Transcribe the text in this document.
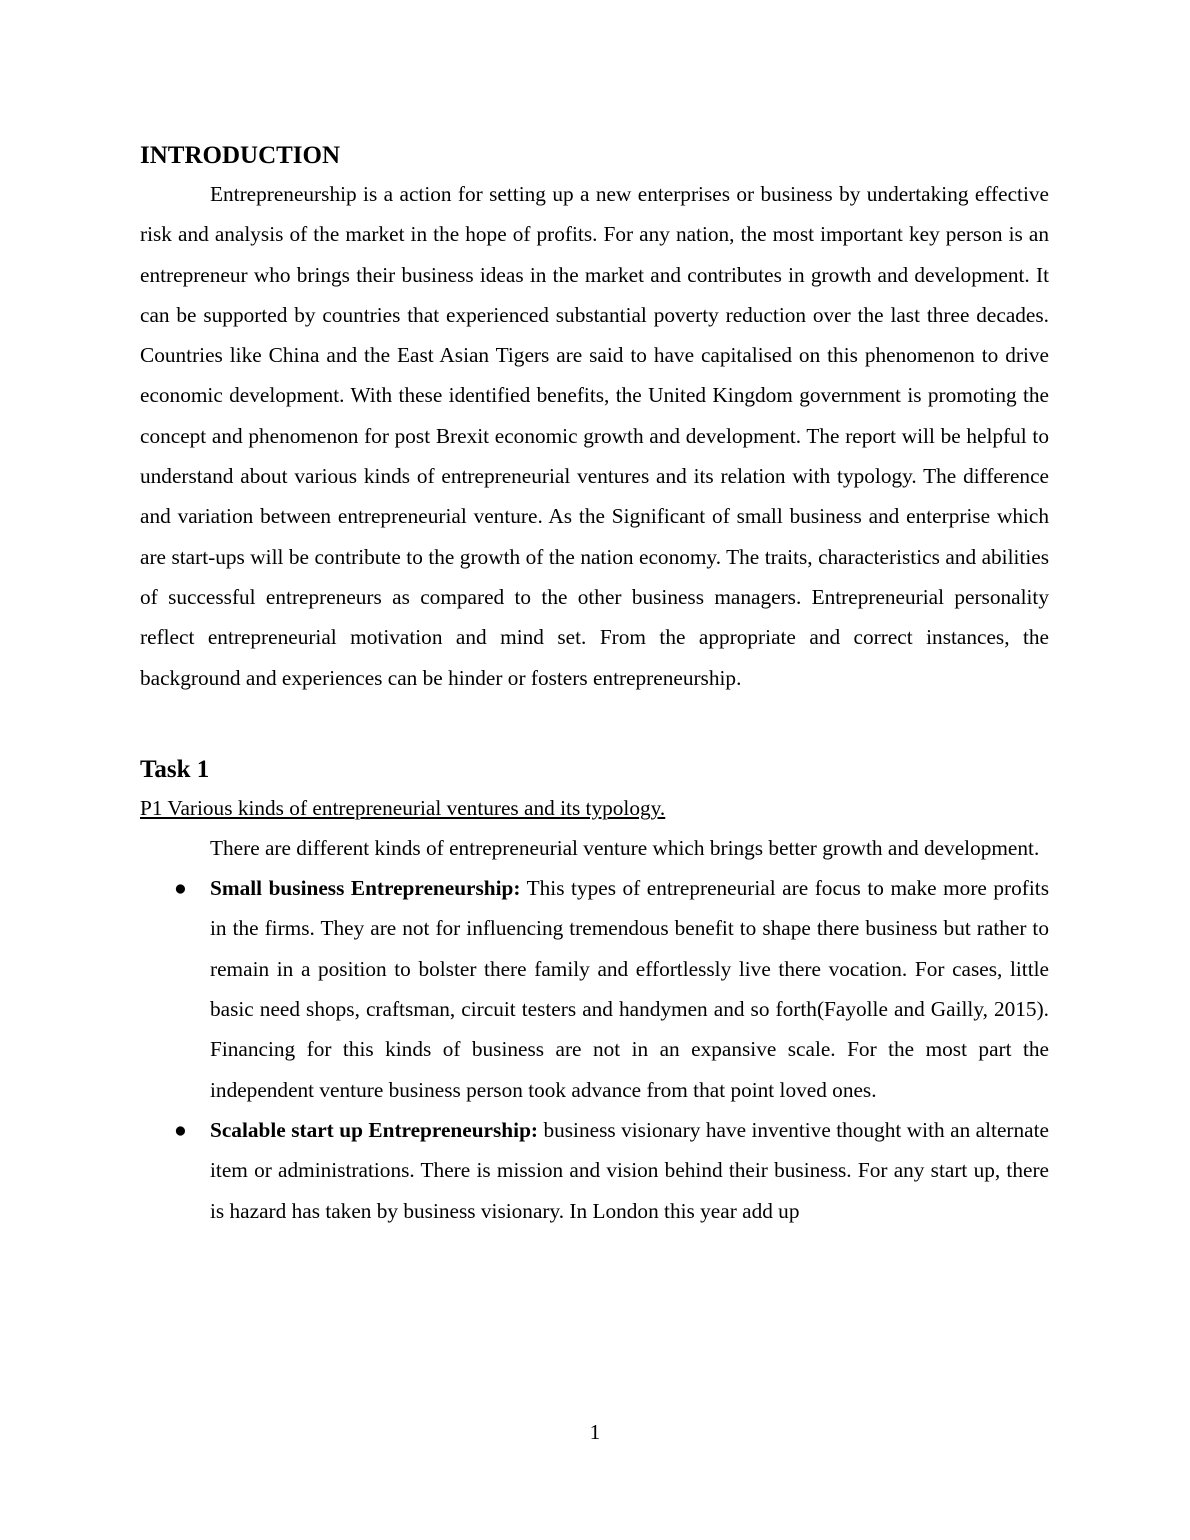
INTRODUCTION

Entrepreneurship is a action for setting up a new enterprises or business by undertaking effective risk and analysis of the market in the hope of profits. For any nation, the most important key person is an entrepreneur who brings their business ideas in the market and contributes in growth and development. It can be supported by countries that experienced substantial poverty reduction over the last three decades. Countries like China and the East Asian Tigers are said to have capitalised on this phenomenon to drive economic development. With these identified benefits, the United Kingdom government is promoting the concept and phenomenon for post Brexit economic growth and development. The report will be helpful to understand about various kinds of entrepreneurial ventures and its relation with typology. The difference and variation between entrepreneurial venture. As the Significant of small business and enterprise which are start-ups will be contribute to the growth of the nation economy. The traits, characteristics and abilities of successful entrepreneurs as compared to the other business managers. Entrepreneurial personality reflect entrepreneurial motivation and mind set. From the appropriate and correct instances, the background and experiences can be hinder or fosters entrepreneurship.

Task 1
P1 Various kinds of entrepreneurial ventures and its typology.

There are different kinds of entrepreneurial venture which brings better growth and development.

● Small business Entrepreneurship: This types of entrepreneurial are focus to make more profits in the firms. They are not for influencing tremendous benefit to shape there business but rather to remain in a position to bolster there family and effortlessly live there vocation. For cases, little basic need shops, craftsman, circuit testers and handymen and so forth(Fayolle and Gailly, 2015). Financing for this kinds of business are not in an expansive scale. For the most part the independent venture business person took advance from that point loved ones.
● Scalable start up Entrepreneurship: business visionary have inventive thought with an alternate item or administrations. There is mission and vision behind their business. For any start up, there is hazard has taken by business visionary. In London this year add up
1
